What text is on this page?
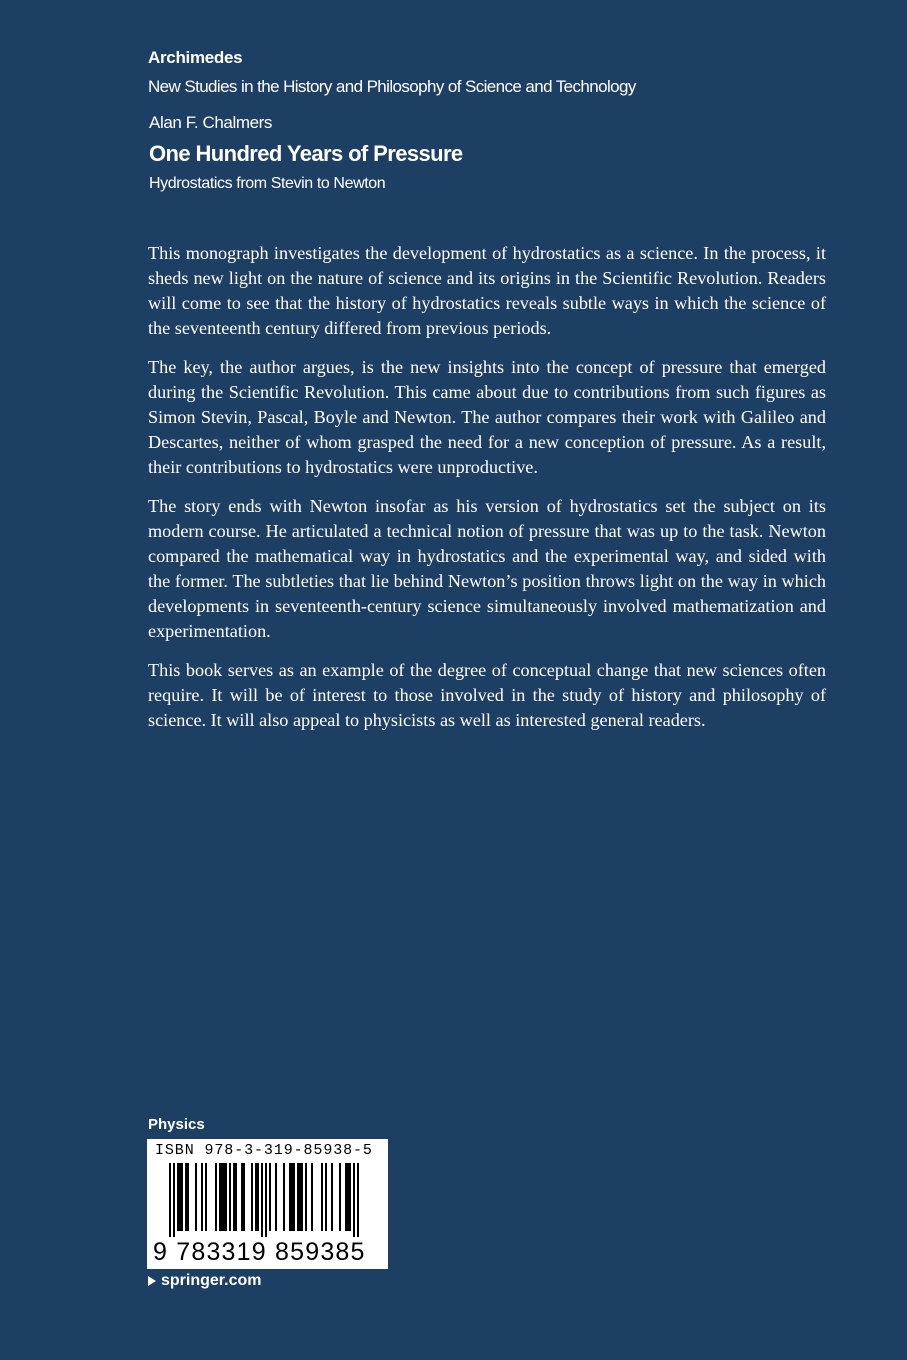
Archimedes
New Studies in the History and Philosophy of Science and Technology
Alan F. Chalmers
One Hundred Years of Pressure
Hydrostatics from Stevin to Newton

This monograph investigates the development of hydrostatics as a science. In the process, it sheds new light on the nature of science and its origins in the Scientific Revolution. Readers will come to see that the history of hydrostatics reveals subtle ways in which the science of the seventeenth century differed from previous periods.

The key, the author argues, is the new insights into the concept of pressure that emerged during the Scientific Revolution. This came about due to contributions from such figures as Simon Stevin, Pascal, Boyle and Newton. The author compares their work with Galileo and Descartes, neither of whom grasped the need for a new conception of pressure. As a result, their contributions to hydrostatics were unproductive.

The story ends with Newton insofar as his version of hydrostatics set the subject on its modern course. He articulated a technical notion of pressure that was up to the task. Newton compared the mathematical way in hydrostatics and the experimental way, and sided with the former. The subtleties that lie behind Newton’s position throws light on the way in which developments in seventeenth-century science simultaneously involved mathematization and experimentation.

This book serves as an example of the degree of conceptual change that new sciences often require. It will be of interest to those involved in the study of history and philosophy of science. It will also appeal to physicists as well as interested general readers.

Physics
ISBN 978-3-319-85938-5
9 783319 859385
springer.com
